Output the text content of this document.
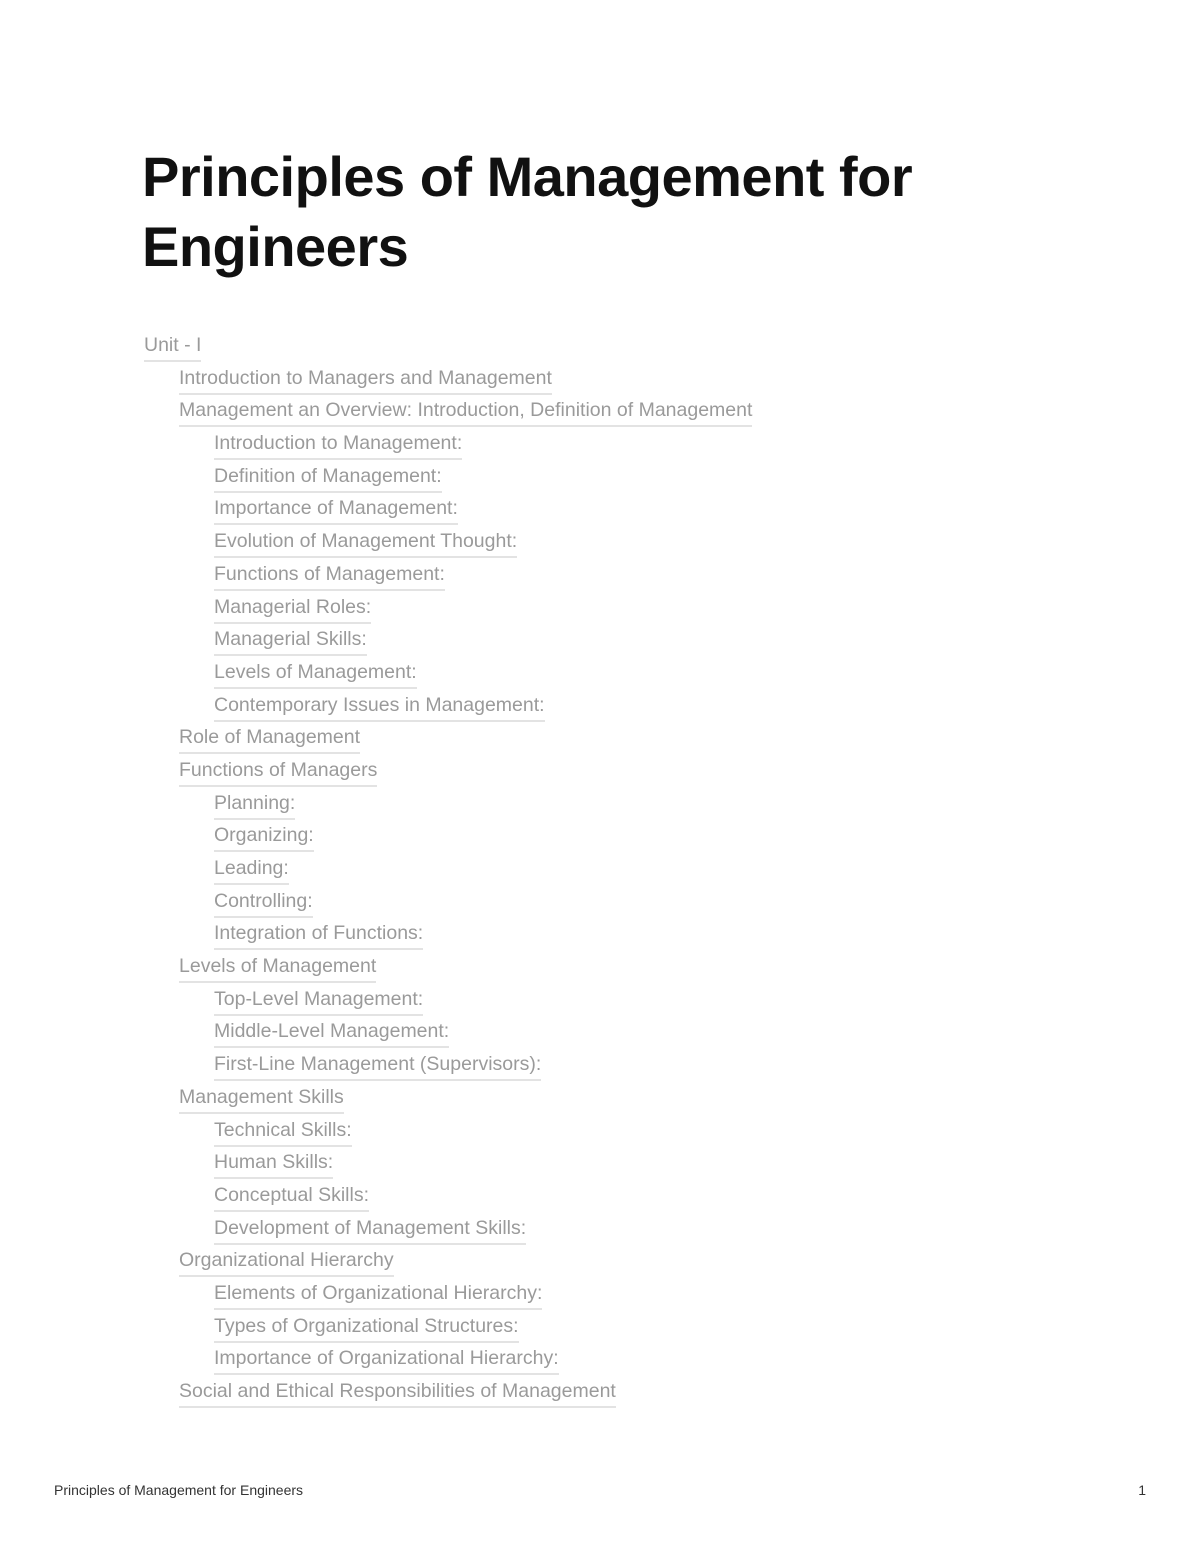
Principles of Management for Engineers
Unit - I
Introduction to Managers and Management
Management an Overview: Introduction, Definition of Management
Introduction to Management:
Definition of Management:
Importance of Management:
Evolution of Management Thought:
Functions of Management:
Managerial Roles:
Managerial Skills:
Levels of Management:
Contemporary Issues in Management:
Role of Management
Functions of Managers
Planning:
Organizing:
Leading:
Controlling:
Integration of Functions:
Levels of Management
Top-Level Management:
Middle-Level Management:
First-Line Management (Supervisors):
Management Skills
Technical Skills:
Human Skills:
Conceptual Skills:
Development of Management Skills:
Organizational Hierarchy
Elements of Organizational Hierarchy:
Types of Organizational Structures:
Importance of Organizational Hierarchy:
Social and Ethical Responsibilities of Management
Principles of Management for Engineers	1
